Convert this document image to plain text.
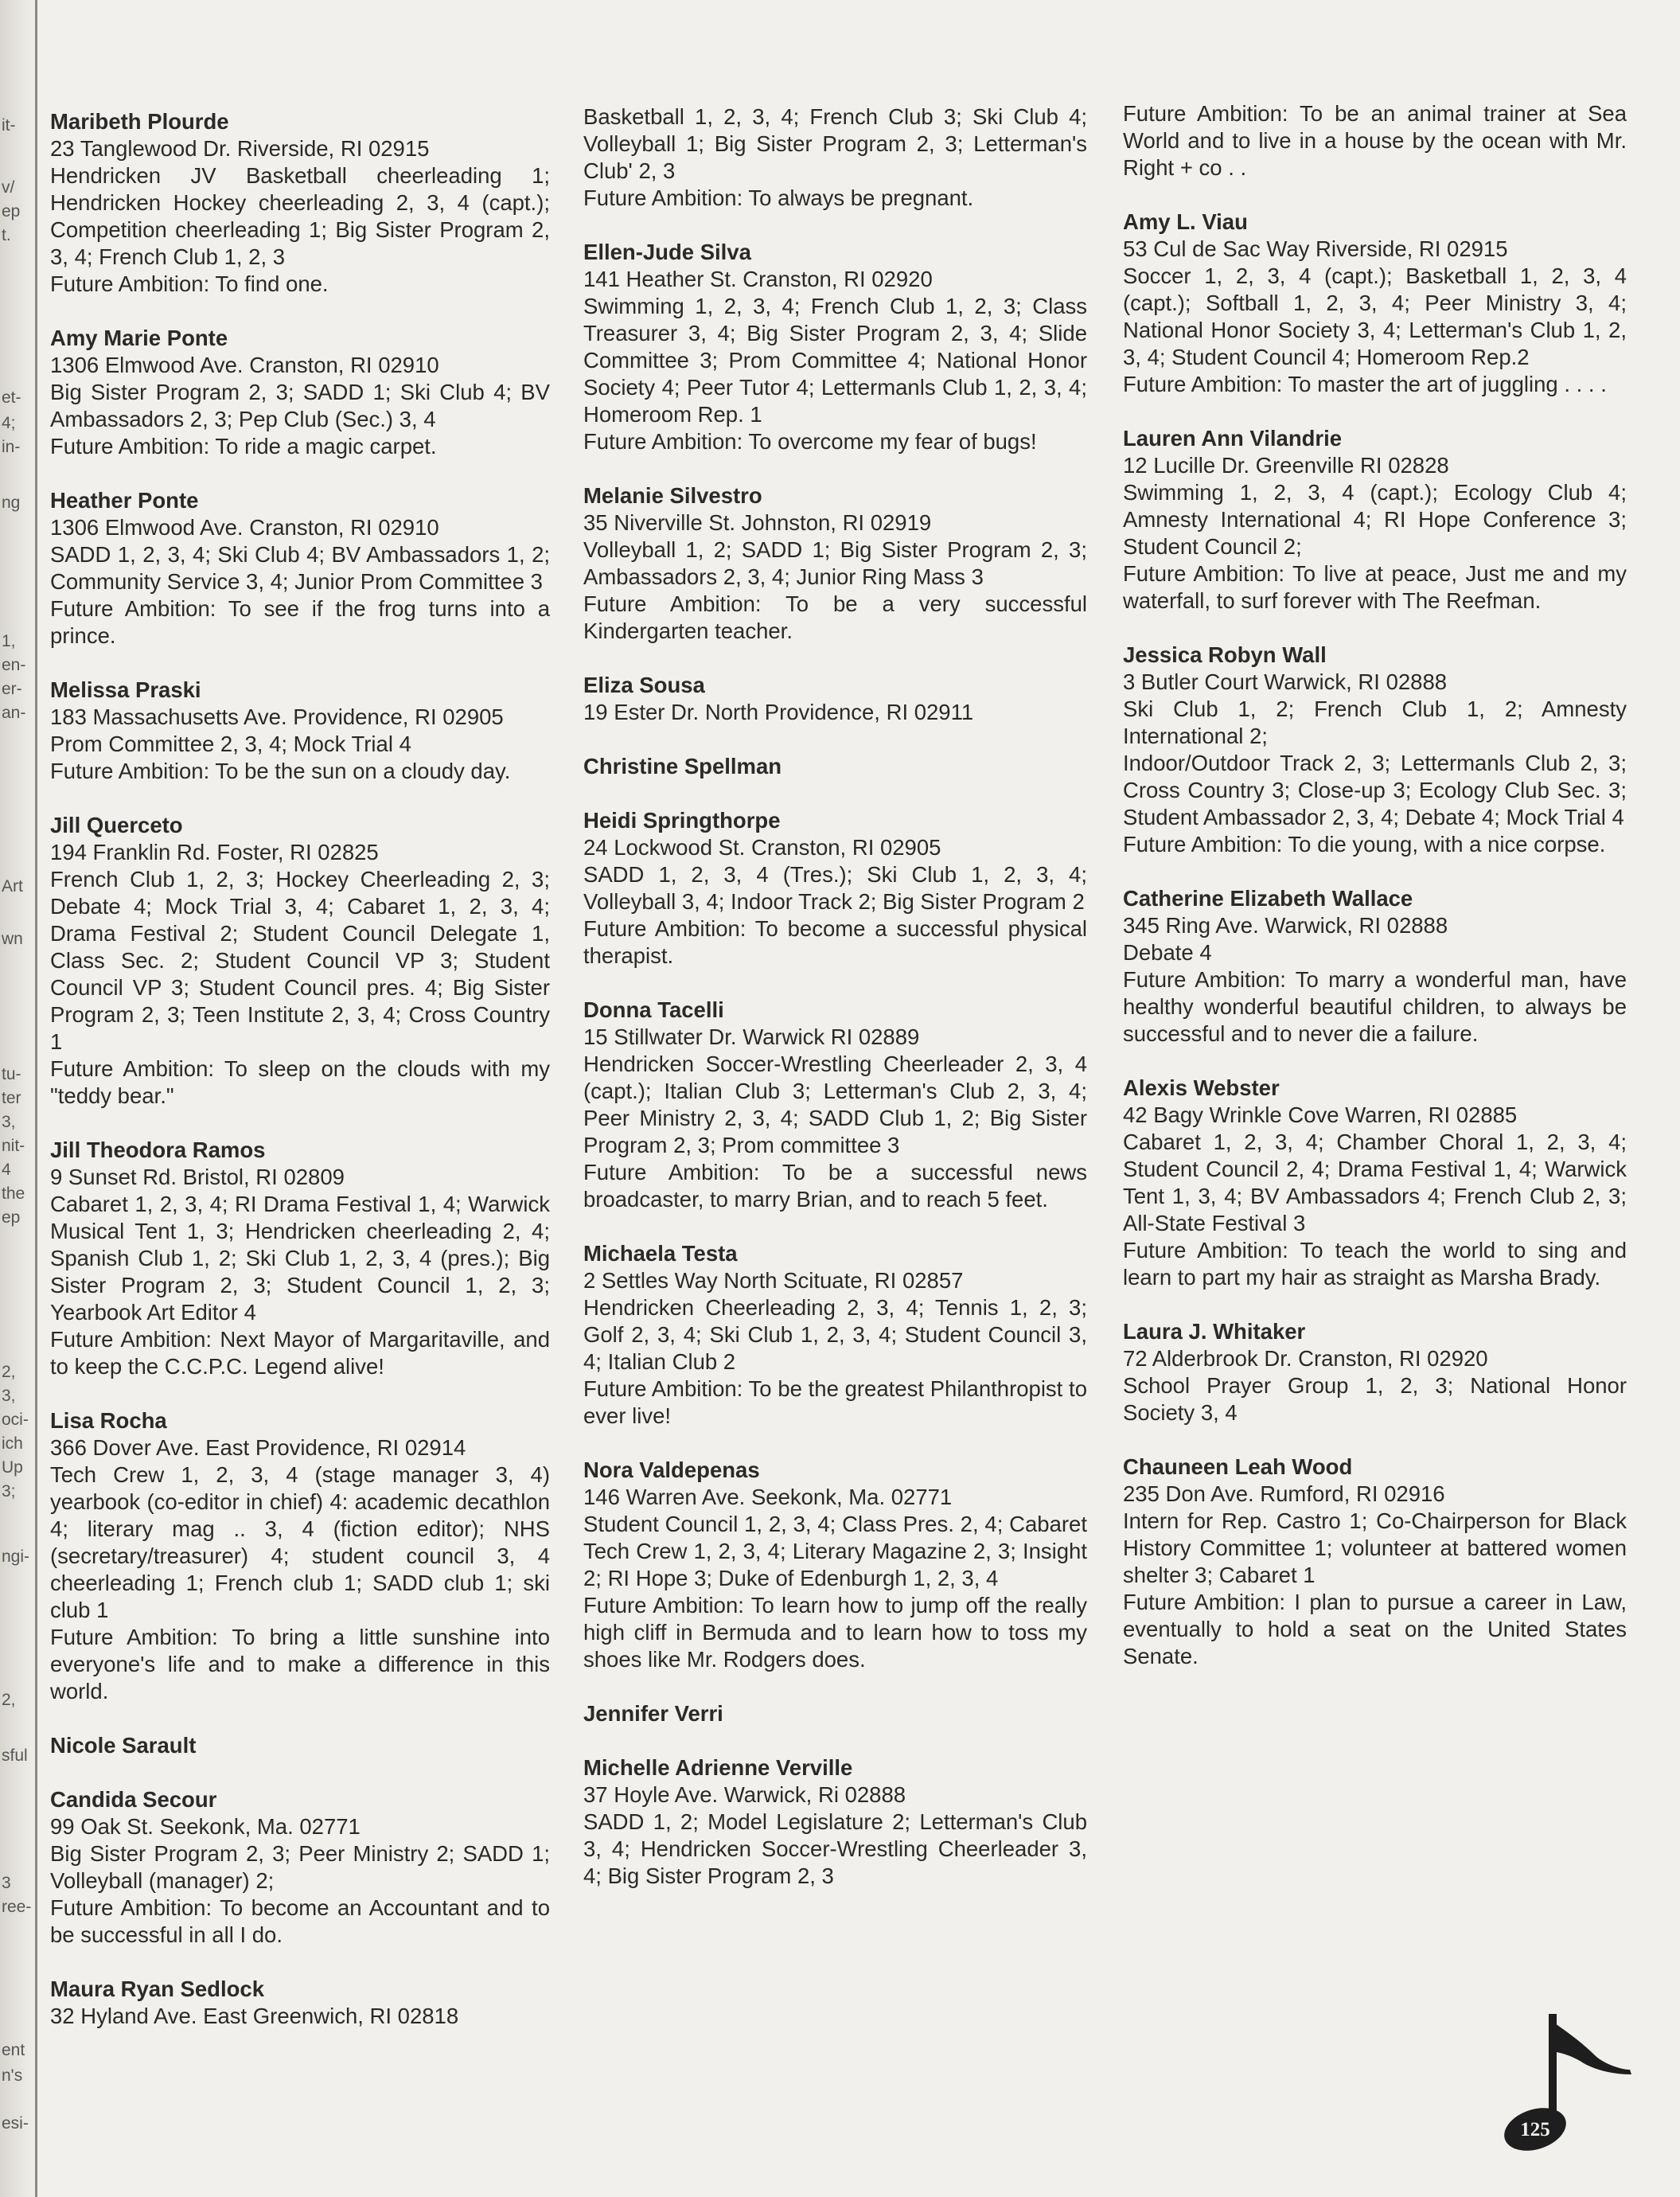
it-
v/
ep
t.
et-
4;
in-
ng
1,
en-
er-
an-
Art
wn
tu-
ter
3,
nit-
4
the
ep
2,
3,
oci-
ich
Up
3;
ngi-
2,
sful
3
ree-
ent
n's
esi-
Maribeth Plourde
23 Tanglewood Dr. Riverside, RI 02915
Hendricken JV Basketball cheerleading 1; Hendricken Hockey cheerleading 2, 3, 4 (capt.); Competition cheerleading 1; Big Sister Program 2, 3, 4; French Club 1, 2, 3
Future Ambition: To find one.
Amy Marie Ponte
1306 Elmwood Ave. Cranston, RI 02910
Big Sister Program 2, 3; SADD 1; Ski Club 4; BV Ambassadors 2, 3; Pep Club (Sec.) 3, 4
Future Ambition: To ride a magic carpet.
Heather Ponte
1306 Elmwood Ave. Cranston, RI 02910
SADD 1, 2, 3, 4; Ski Club 4; BV Ambassadors 1, 2; Community Service 3, 4; Junior Prom Committee 3
Future Ambition: To see if the frog turns into a prince.
Melissa Praski
183 Massachusetts Ave. Providence, RI 02905
Prom Committee 2, 3, 4; Mock Trial 4
Future Ambition: To be the sun on a cloudy day.
Jill Querceto
194 Franklin Rd. Foster, RI 02825
French Club 1, 2, 3; Hockey Cheerleading 2, 3; Debate 4; Mock Trial 3, 4; Cabaret 1, 2, 3, 4; Drama Festival 2; Student Council Delegate 1, Class Sec. 2; Student Council VP 3; Student Council VP 3; Student Council pres. 4; Big Sister Program 2, 3; Teen Institute 2, 3, 4; Cross Country 1
Future Ambition: To sleep on the clouds with my "teddy bear."
Jill Theodora Ramos
9 Sunset Rd. Bristol, RI 02809
Cabaret 1, 2, 3, 4; RI Drama Festival 1, 4; Warwick Musical Tent 1, 3; Hendricken cheerleading 2, 4; Spanish Club 1, 2; Ski Club 1, 2, 3, 4 (pres.); Big Sister Program 2, 3; Student Council 1, 2, 3; Yearbook Art Editor 4
Future Ambition: Next Mayor of Margaritaville, and to keep the C.C.P.C. Legend alive!
Lisa Rocha
366 Dover Ave. East Providence, RI 02914
Tech Crew 1, 2, 3, 4 (stage manager 3, 4) yearbook (co-editor in chief) 4: academic decathlon 4; literary mag .. 3, 4 (fiction editor); NHS (secretary/treasurer) 4; student council 3, 4 cheerleading 1; French club 1; SADD club 1; ski club 1
Future Ambition: To bring a little sunshine into everyone's life and to make a difference in this world.
Nicole Sarault
Candida Secour
99 Oak St. Seekonk, Ma. 02771
Big Sister Program 2, 3; Peer Ministry 2; SADD 1; Volleyball (manager) 2;
Future Ambition: To become an Accountant and to be successful in all I do.
Maura Ryan Sedlock
32 Hyland Ave. East Greenwich, RI 02818
Basketball 1, 2, 3, 4; French Club 3; Ski Club 4; Volleyball 1; Big Sister Program 2, 3; Letterman's Club' 2, 3
Future Ambition: To always be pregnant.
Ellen-Jude Silva
141 Heather St. Cranston, RI 02920
Swimming 1, 2, 3, 4; French Club 1, 2, 3; Class Treasurer 3, 4; Big Sister Program 2, 3, 4; Slide Committee 3; Prom Committee 4; National Honor Society 4; Peer Tutor 4; Lettermanls Club 1, 2, 3, 4; Homeroom Rep. 1
Future Ambition: To overcome my fear of bugs!
Melanie Silvestro
35 Niverville St. Johnston, RI 02919
Volleyball 1, 2; SADD 1; Big Sister Program 2, 3; Ambassadors 2, 3, 4; Junior Ring Mass 3
Future Ambition: To be a very successful Kindergarten teacher.
Eliza Sousa
19 Ester Dr. North Providence, RI 02911
Christine Spellman
Heidi Springthorpe
24 Lockwood St. Cranston, RI 02905
SADD 1, 2, 3, 4 (Tres.); Ski Club 1, 2, 3, 4; Volleyball 3, 4; Indoor Track 2; Big Sister Program 2
Future Ambition: To become a successful physical therapist.
Donna Tacelli
15 Stillwater Dr. Warwick RI 02889
Hendricken Soccer-Wrestling Cheerleader 2, 3, 4 (capt.); Italian Club 3; Letterman's Club 2, 3, 4; Peer Ministry 2, 3, 4; SADD Club 1, 2; Big Sister Program 2, 3; Prom committee 3
Future Ambition: To be a successful news broadcaster, to marry Brian, and to reach 5 feet.
Michaela Testa
2 Settles Way North Scituate, RI 02857
Hendricken Cheerleading 2, 3, 4; Tennis 1, 2, 3; Golf 2, 3, 4; Ski Club 1, 2, 3, 4; Student Council 3, 4; Italian Club 2
Future Ambition: To be the greatest Philanthropist to ever live!
Nora Valdepenas
146 Warren Ave. Seekonk, Ma. 02771
Student Council 1, 2, 3, 4; Class Pres. 2, 4; Cabaret Tech Crew 1, 2, 3, 4; Literary Magazine 2, 3; Insight 2; RI Hope 3; Duke of Edenburgh 1, 2, 3, 4
Future Ambition: To learn how to jump off the really high cliff in Bermuda and to learn how to toss my shoes like Mr. Rodgers does.
Jennifer Verri
Michelle Adrienne Verville
37 Hoyle Ave. Warwick, Ri 02888
SADD 1, 2; Model Legislature 2; Letterman's Club 3, 4; Hendricken Soccer-Wrestling Cheerleader 3, 4; Big Sister Program 2, 3
Future Ambition: To be an animal trainer at Sea World and to live in a house by the ocean with Mr. Right + co . .
Amy L. Viau
53 Cul de Sac Way Riverside, RI 02915
Soccer 1, 2, 3, 4 (capt.); Basketball 1, 2, 3, 4 (capt.); Softball 1, 2, 3, 4; Peer Ministry 3, 4; National Honor Society 3, 4; Letterman's Club 1, 2, 3, 4; Student Council 4; Homeroom Rep.2
Future Ambition: To master the art of juggling . . . .
Lauren Ann Vilandrie
12 Lucille Dr. Greenville RI 02828
Swimming 1, 2, 3, 4 (capt.); Ecology Club 4; Amnesty International 4; RI Hope Conference 3; Student Council 2;
Future Ambition: To live at peace, Just me and my waterfall, to surf forever with The Reefman.
Jessica Robyn Wall
3 Butler Court Warwick, RI 02888
Ski Club 1, 2; French Club 1, 2; Amnesty International 2;
Indoor/Outdoor Track 2, 3; Lettermanls Club 2, 3; Cross Country 3; Close-up 3; Ecology Club Sec. 3; Student Ambassador 2, 3, 4; Debate 4; Mock Trial 4
Future Ambition: To die young, with a nice corpse.
Catherine Elizabeth Wallace
345 Ring Ave. Warwick, RI 02888
Debate 4
Future Ambition: To marry a wonderful man, have healthy wonderful beautiful children, to always be successful and to never die a failure.
Alexis Webster
42 Bagy Wrinkle Cove Warren, RI 02885
Cabaret 1, 2, 3, 4; Chamber Choral 1, 2, 3, 4; Student Council 2, 4; Drama Festival 1, 4; Warwick Tent 1, 3, 4; BV Ambassadors 4; French Club 2, 3; All-State Festival 3
Future Ambition: To teach the world to sing and learn to part my hair as straight as Marsha Brady.
Laura J. Whitaker
72 Alderbrook Dr. Cranston, RI 02920
School Prayer Group 1, 2, 3; National Honor Society 3, 4
Chauneen Leah Wood
235 Don Ave. Rumford, RI 02916
Intern for Rep. Castro 1; Co-Chairperson for Black History Committee 1; volunteer at battered women shelter 3; Cabaret 1
Future Ambition: I plan to pursue a career in Law, eventually to hold a seat on the United States Senate.
125
